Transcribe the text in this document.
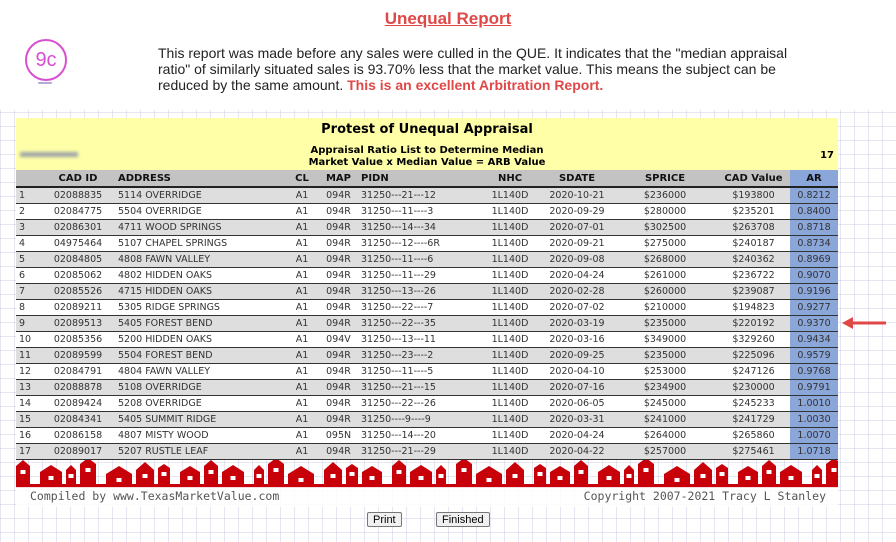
Unequal Report
9c	This report was made before any sales were culled in the QUE. It indicates that the "median appraisal ratio" of similarly situated sales is 93.70% less that the market value. This means the subject can be reduced by the same amount. This is an excellent Arbitration Report.
Protest of Unequal Appraisal
Appraisal Ratio List to Determine Median
Market Value x Median Value = ARB Value
17
	CAD ID	ADDRESS	CL	MAP	PIDN	NHC	SDATE	SPRICE	CAD Value	AR
1	02088835	5114 OVERRIDGE	A1	094R	31250---21---12	1L140D	2020-10-21	$236000	$193800	0.8212
2	02084775	5504 OVERRIDGE	A1	094R	31250---11----3	1L140D	2020-09-29	$280000	$235201	0.8400
3	02086301	4711 WOOD SPRINGS	A1	094R	31250---14---34	1L140D	2020-07-01	$302500	$263708	0.8718
4	04975464	5107 CHAPEL SPRINGS	A1	094R	31250---12----6R	1L140D	2020-09-21	$275000	$240187	0.8734
5	02084805	4808 FAWN VALLEY	A1	094R	31250---11----6	1L140D	2020-09-08	$268000	$240362	0.8969
6	02085062	4802 HIDDEN OAKS	A1	094R	31250---11---29	1L140D	2020-04-24	$261000	$236722	0.9070
7	02085526	4715 HIDDEN OAKS	A1	094R	31250---13---26	1L140D	2020-02-28	$260000	$239087	0.9196
8	02089211	5305 RIDGE SPRINGS	A1	094R	31250---22----7	1L140D	2020-07-02	$210000	$194823	0.9277
9	02089513	5405 FOREST BEND	A1	094R	31250---22---35	1L140D	2020-03-19	$235000	$220192	0.9370
10	02085356	5200 HIDDEN OAKS	A1	094V	31250---13---11	1L140D	2020-03-16	$349000	$329260	0.9434
11	02089599	5504 FOREST BEND	A1	094R	31250---23----2	1L140D	2020-09-25	$235000	$225096	0.9579
12	02084791	4804 FAWN VALLEY	A1	094R	31250---11----5	1L140D	2020-04-10	$253000	$247126	0.9768
13	02088878	5108 OVERRIDGE	A1	094R	31250---21---15	1L140D	2020-07-16	$234900	$230000	0.9791
14	02089424	5208 OVERRIDGE	A1	094R	31250---22---26	1L140D	2020-06-05	$245000	$245233	1.0010
15	02084341	5405 SUMMIT RIDGE	A1	094R	31250----9----9	1L140D	2020-03-31	$241000	$241729	1.0030
16	02086158	4807 MISTY WOOD	A1	095N	31250---14---20	1L140D	2020-04-24	$264000	$265860	1.0070
17	02089017	5207 RUSTLE LEAF	A1	094R	31250---21---29	1L140D	2020-04-22	$257000	$275461	1.0718
Compiled by www.TexasMarketValue.com	Copyright 2007-2021 Tracy L Stanley
Print	Finished
